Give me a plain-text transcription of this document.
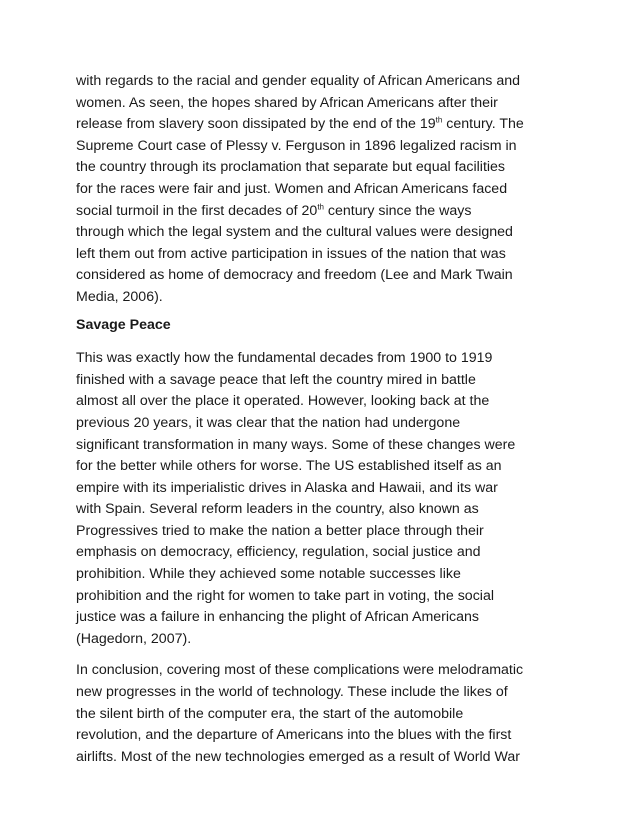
with regards to the racial and gender equality of African Americans and
women. As seen, the hopes shared by African Americans after their
release from slavery soon dissipated by the end of the 19th century. The
Supreme Court case of Plessy v. Ferguson in 1896 legalized racism in
the country through its proclamation that separate but equal facilities
for the races were fair and just. Women and African Americans faced
social turmoil in the first decades of 20th century since the ways
through which the legal system and the cultural values were designed
left them out from active participation in issues of the nation that was
considered as home of democracy and freedom (Lee and Mark Twain
Media, 2006).

Savage Peace

This was exactly how the fundamental decades from 1900 to 1919
finished with a savage peace that left the country mired in battle
almost all over the place it operated. However, looking back at the
previous 20 years, it was clear that the nation had undergone
significant transformation in many ways. Some of these changes were
for the better while others for worse. The US established itself as an
empire with its imperialistic drives in Alaska and Hawaii, and its war
with Spain. Several reform leaders in the country, also known as
Progressives tried to make the nation a better place through their
emphasis on democracy, efficiency, regulation, social justice and
prohibition. While they achieved some notable successes like
prohibition and the right for women to take part in voting, the social
justice was a failure in enhancing the plight of African Americans
(Hagedorn, 2007).

In conclusion, covering most of these complications were melodramatic
new progresses in the world of technology. These include the likes of
the silent birth of the computer era, the start of the automobile
revolution, and the departure of Americans into the blues with the first
airlifts. Most of the new technologies emerged as a result of World War
